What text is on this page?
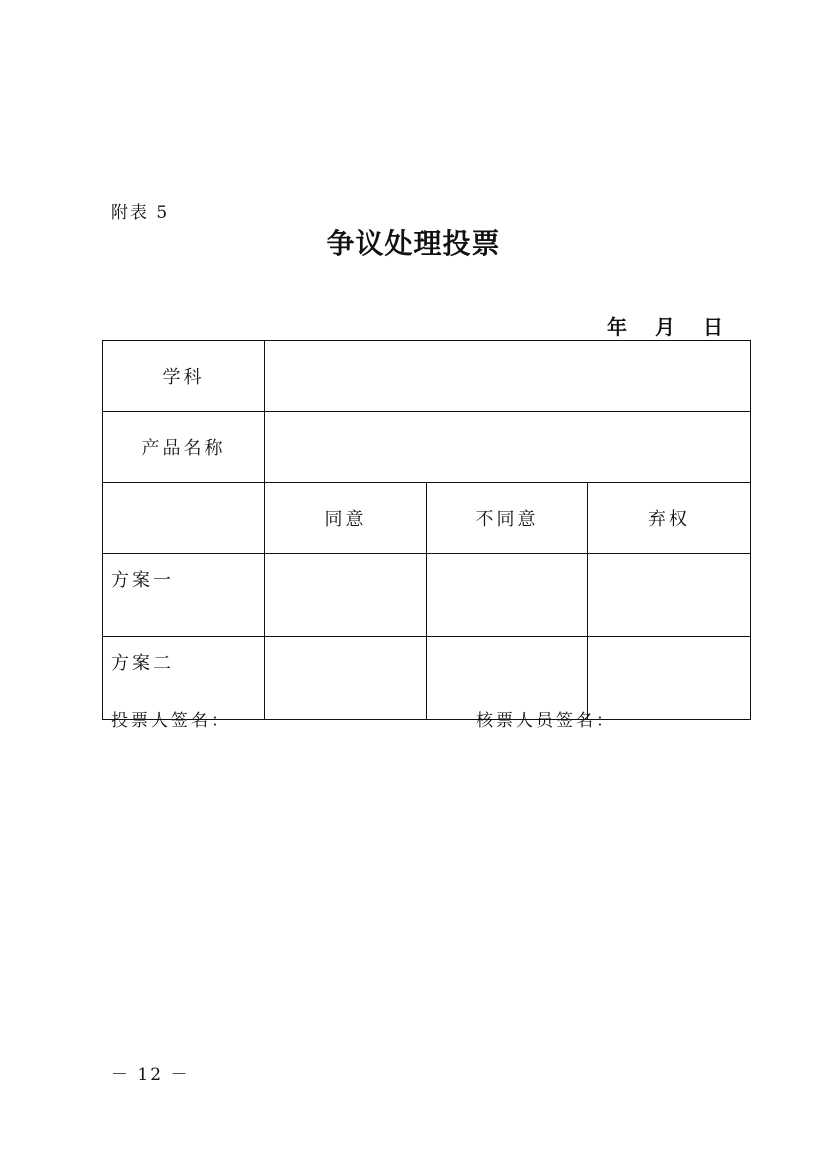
附表 5
争议处理投票
年 月 日
学科			
产品名称			
	同意	不同意	弃权
方案一			
方案二			
投票人签名：	核票人员签名：
－ 12 －
